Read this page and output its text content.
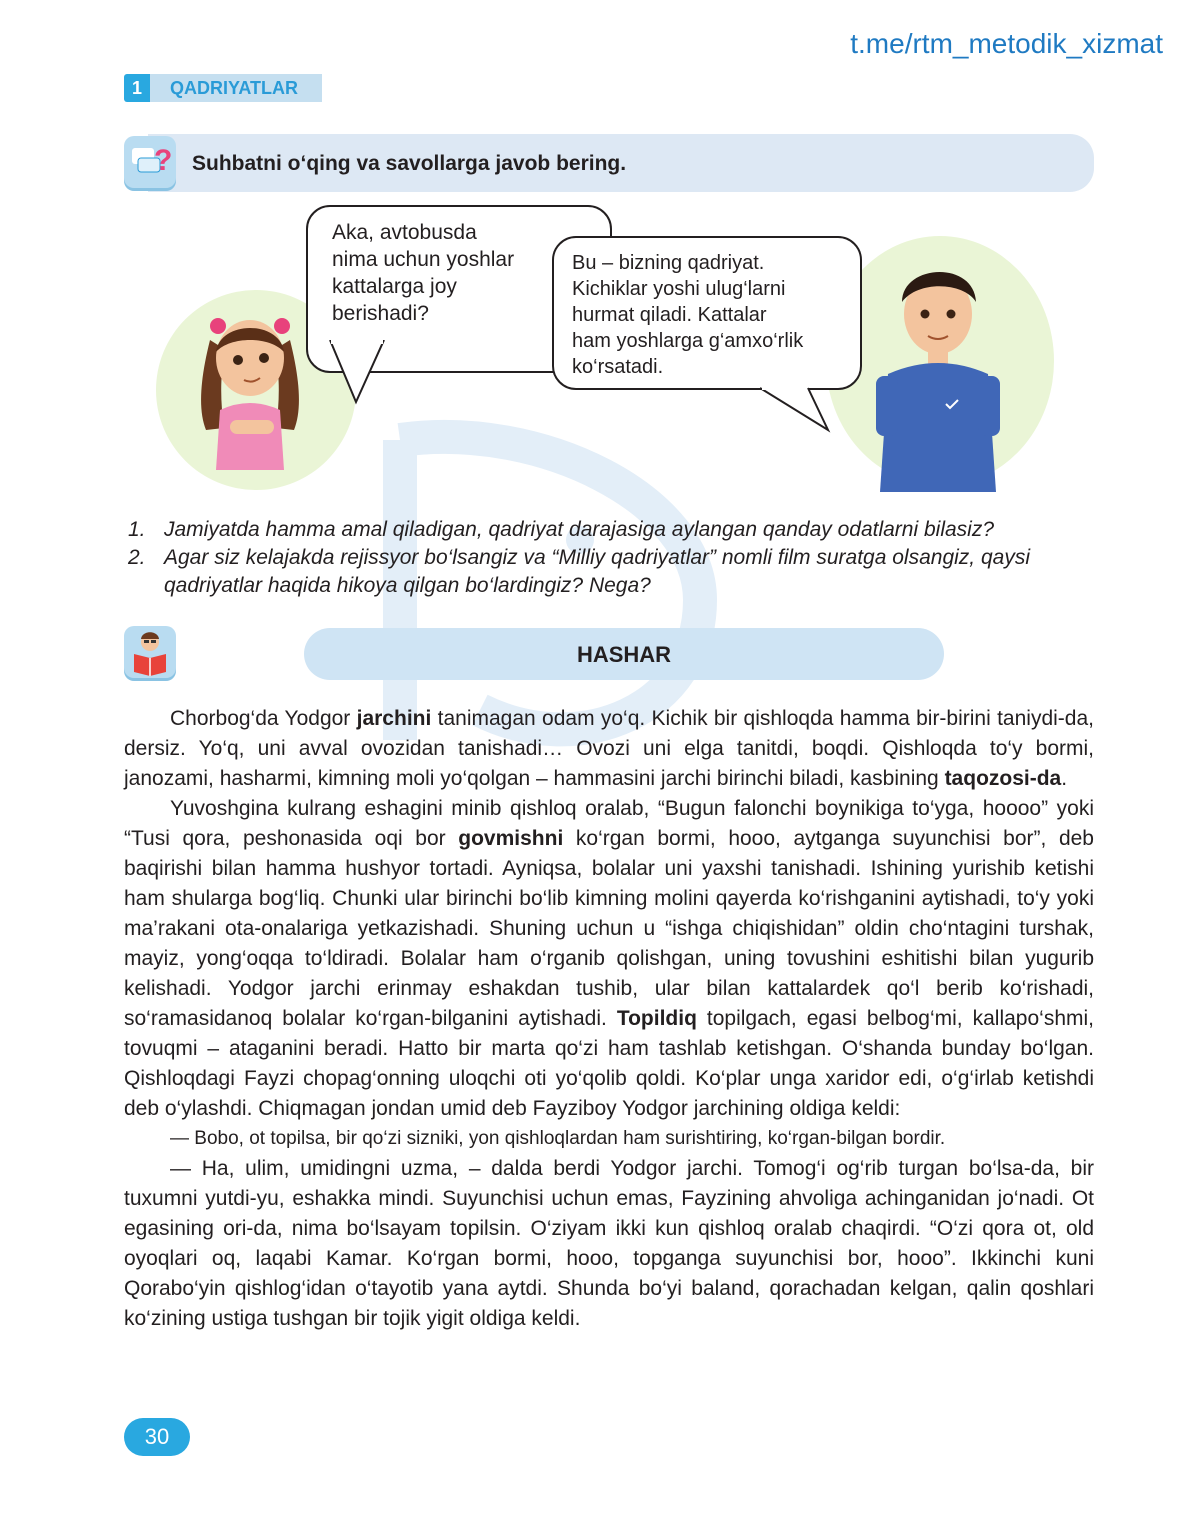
t.me/rtm_metodik_xizmat
1	QADRIYATLAR
? Suhbatni o‘qing va savollarga javob bering.
Aka, avtobusda
nima uchun yoshlar
kattalarga joy
berishadi?
Bu – bizning qadriyat.
Kichiklar yoshi ulug‘larni
hurmat qiladi. Kattalar
ham yoshlarga g‘amxo‘rlik
ko‘rsatadi.
1. Jamiyatda hamma amal qiladigan, qadriyat darajasiga aylangan qanday odatlarni bilasiz?
2. Agar siz kelajakda rejissyor bo‘lsangiz va “Milliy qadriyatlar” nomli film suratga olsangiz, qaysi qadriyatlar haqida hikoya qilgan bo‘lardingiz? Nega?
HASHAR

Chorbog‘da Yodgor jarchini tanimagan odam yo‘q. Kichik bir qishloqda hamma bir-birini taniydi-da, dersiz. Yo‘q, uni avval ovozidan tanishadi… Ovozi uni elga tanitdi, boqdi. Qishloqda to‘y bormi, janozami, hasharmi, kimning moli yo‘qolgan – hammasini jarchi birinchi biladi, kasbining taqozosi-da.

Yuvoshgina kulrang eshagini minib qishloq oralab, “Bugun falonchi boynikiga to‘yga, hoooo” yoki “Tusi qora, peshonasida oqi bor govmishni ko‘rgan bormi, hooo, aytganga suyunchisi bor”, deb baqirishi bilan hamma hushyor tortadi. Ayniqsa, bolalar uni yaxshi tanishadi. Ishining yurishib ketishi ham shularga bog‘liq. Chunki ular birinchi bo‘lib kimning molini qayerda ko‘rishganini aytishadi, to‘y yoki ma’rakani ota-onalariga yetkazishadi. Shuning uchun u “ishga chiqishidan” oldin cho‘ntagini turshak, mayiz, yong‘oqqa to‘ldiradi. Bolalar ham o‘rganib qolishgan, uning tovushini eshitishi bilan yugurib kelishadi. Yodgor jarchi erinmay eshakdan tushib, ular bilan kattalardek qo‘l berib ko‘rishadi, so‘ramasidanoq bolalar ko‘rgan-bilganini aytishadi. Topildiq topilgach, egasi belbog‘mi, kallapo‘shmi, tovuqmi – ataganini beradi. Hatto bir marta qo‘zi ham tashlab ketishgan. O‘shanda bunday bo‘lgan. Qishloqdagi Fayzi chopag‘onning uloqchi oti yo‘qolib qoldi. Ko‘plar unga xaridor edi, o‘g‘irlab ketishdi deb o‘ylashdi. Chiqmagan jondan umid deb Fayziboy Yodgor jarchining oldiga keldi:

— Bobo, ot topilsa, bir qo‘zi sizniki, yon qishloqlardan ham surishtiring, ko‘rgan-bilgan bordir.

— Ha, ulim, umidingni uzma, – dalda berdi Yodgor jarchi. Tomog‘i og‘rib turgan bo‘lsa-da, bir tuxumni yutdi-yu, eshakka mindi. Suyunchisi uchun emas, Fayzining ahvoliga achinganidan jo‘nadi. Ot egasining ori-da, nima bo‘lsayam topilsin. O‘ziyam ikki kun qishloq oralab chaqirdi. “O‘zi qora ot, old oyoqlari oq, laqabi Kamar. Ko‘rgan bormi, hooo, topganga suyunchisi bor, hooo”. Ikkinchi kuni Qorabo‘yin qishlog‘idan o‘tayotib yana aytdi. Shunda bo‘yi baland, qorachadan kelgan, qalin qoshlari ko‘zining ustiga tushgan bir tojik yigit oldiga keldi.

30
